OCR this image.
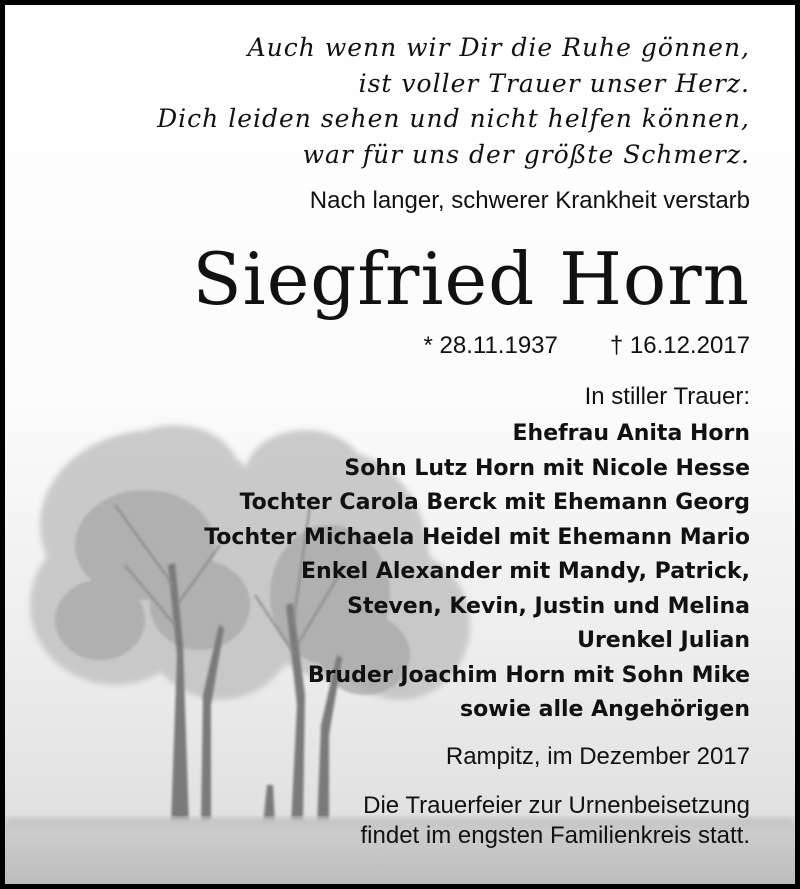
Auch wenn wir Dir die Ruhe gönnen,
ist voller Trauer unser Herz.
Dich leiden sehen und nicht helfen können,
war für uns der größte Schmerz.
Nach langer, schwerer Krankheit verstarb
Siegfried Horn
* 28.11.1937 † 16.12.2017
In stiller Trauer:
Ehefrau Anita Horn
Sohn Lutz Horn mit Nicole Hesse
Tochter Carola Berck mit Ehemann Georg
Tochter Michaela Heidel mit Ehemann Mario
Enkel Alexander mit Mandy, Patrick,
Steven, Kevin, Justin und Melina
Urenkel Julian
Bruder Joachim Horn mit Sohn Mike
sowie alle Angehörigen
Rampitz, im Dezember 2017
Die Trauerfeier zur Urnenbeisetzung
findet im engsten Familienkreis statt.
